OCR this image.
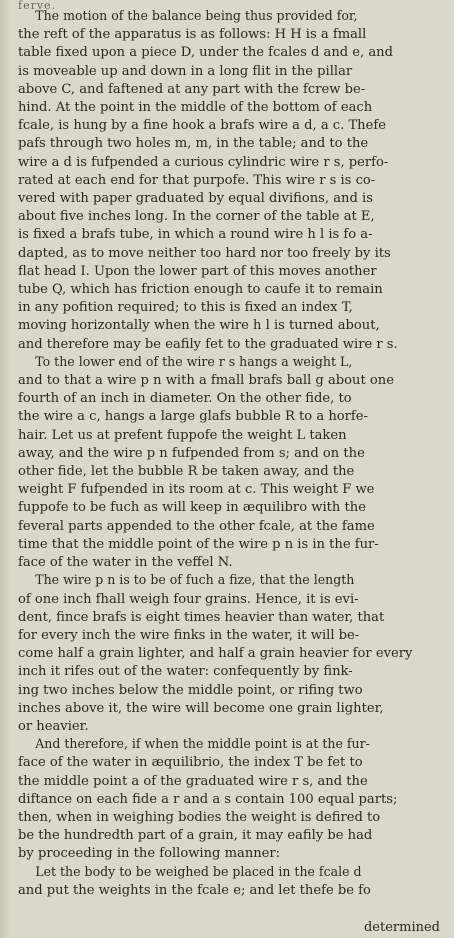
ferve.

The motion of the balance being thus provided for,
the reft of the apparatus is as follows: H H is a fmall
table fixed upon a piece D, under the fcales d and e, and
is moveable up and down in a long flit in the pillar
above C, and faftened at any part with the fcrew be-
hind. At the point in the middle of the bottom of each
fcale, is hung by a fine hook a brafs wire a d, a c. Thefe
pafs through two holes m, m, in the table; and to the
wire a d is fufpended a curious cylindric wire r s, perfo-
rated at each end for that purpofe. This wire r s is co-
vered with paper graduated by equal divifions, and is
about five inches long. In the corner of the table at E,
is fixed a brafs tube, in which a round wire h l is fo a-
dapted, as to move neither too hard nor too freely by its
flat head I. Upon the lower part of this moves another
tube Q, which has friction enough to caufe it to remain
in any pofition required; to this is fixed an index T,
moving horizontally when the wire h l is turned about,
and therefore may be eafily fet to the graduated wire r s.

To the lower end of the wire r s hangs a weight L,
and to that a wire p n with a fmall brafs ball g about one
fourth of an inch in diameter. On the other fide, to
the wire a c, hangs a large glafs bubble R to a horfe-
hair. Let us at prefent fuppofe the weight L taken
away, and the wire p n fufpended from s; and on the
other fide, let the bubble R be taken away, and the
weight F fufpended in its room at c. This weight F we
fuppofe to be fuch as will keep in æquilibro with the
feveral parts appended to the other fcale, at the fame
time that the middle point of the wire p n is in the fur-
face of the water in the veffel N.

The wire p n is to be of fuch a fize, that the length
of one inch fhall weigh four grains. Hence, it is evi-
dent, fince brafs is eight times heavier than water, that
for every inch the wire finks in the water, it will be-
come half a grain lighter, and half a grain heavier for every
inch it rifes out of the water: confequently by fink-
ing two inches below the middle point, or rifing two
inches above it, the wire will become one grain lighter,
or heavier.

And therefore, if when the middle point is at the fur-
face of the water in æquilibrio, the index T be fet to
the middle point a of the graduated wire r s, and the
diftance on each fide a r and a s contain 100 equal parts;
then, when in weighing bodies the weight is defired to
be the hundredth part of a grain, it may eafily be had
by proceeding in the following manner:

Let the body to be weighed be placed in the fcale d
and put the weights in the fcale e; and let thefe be fo

determined
